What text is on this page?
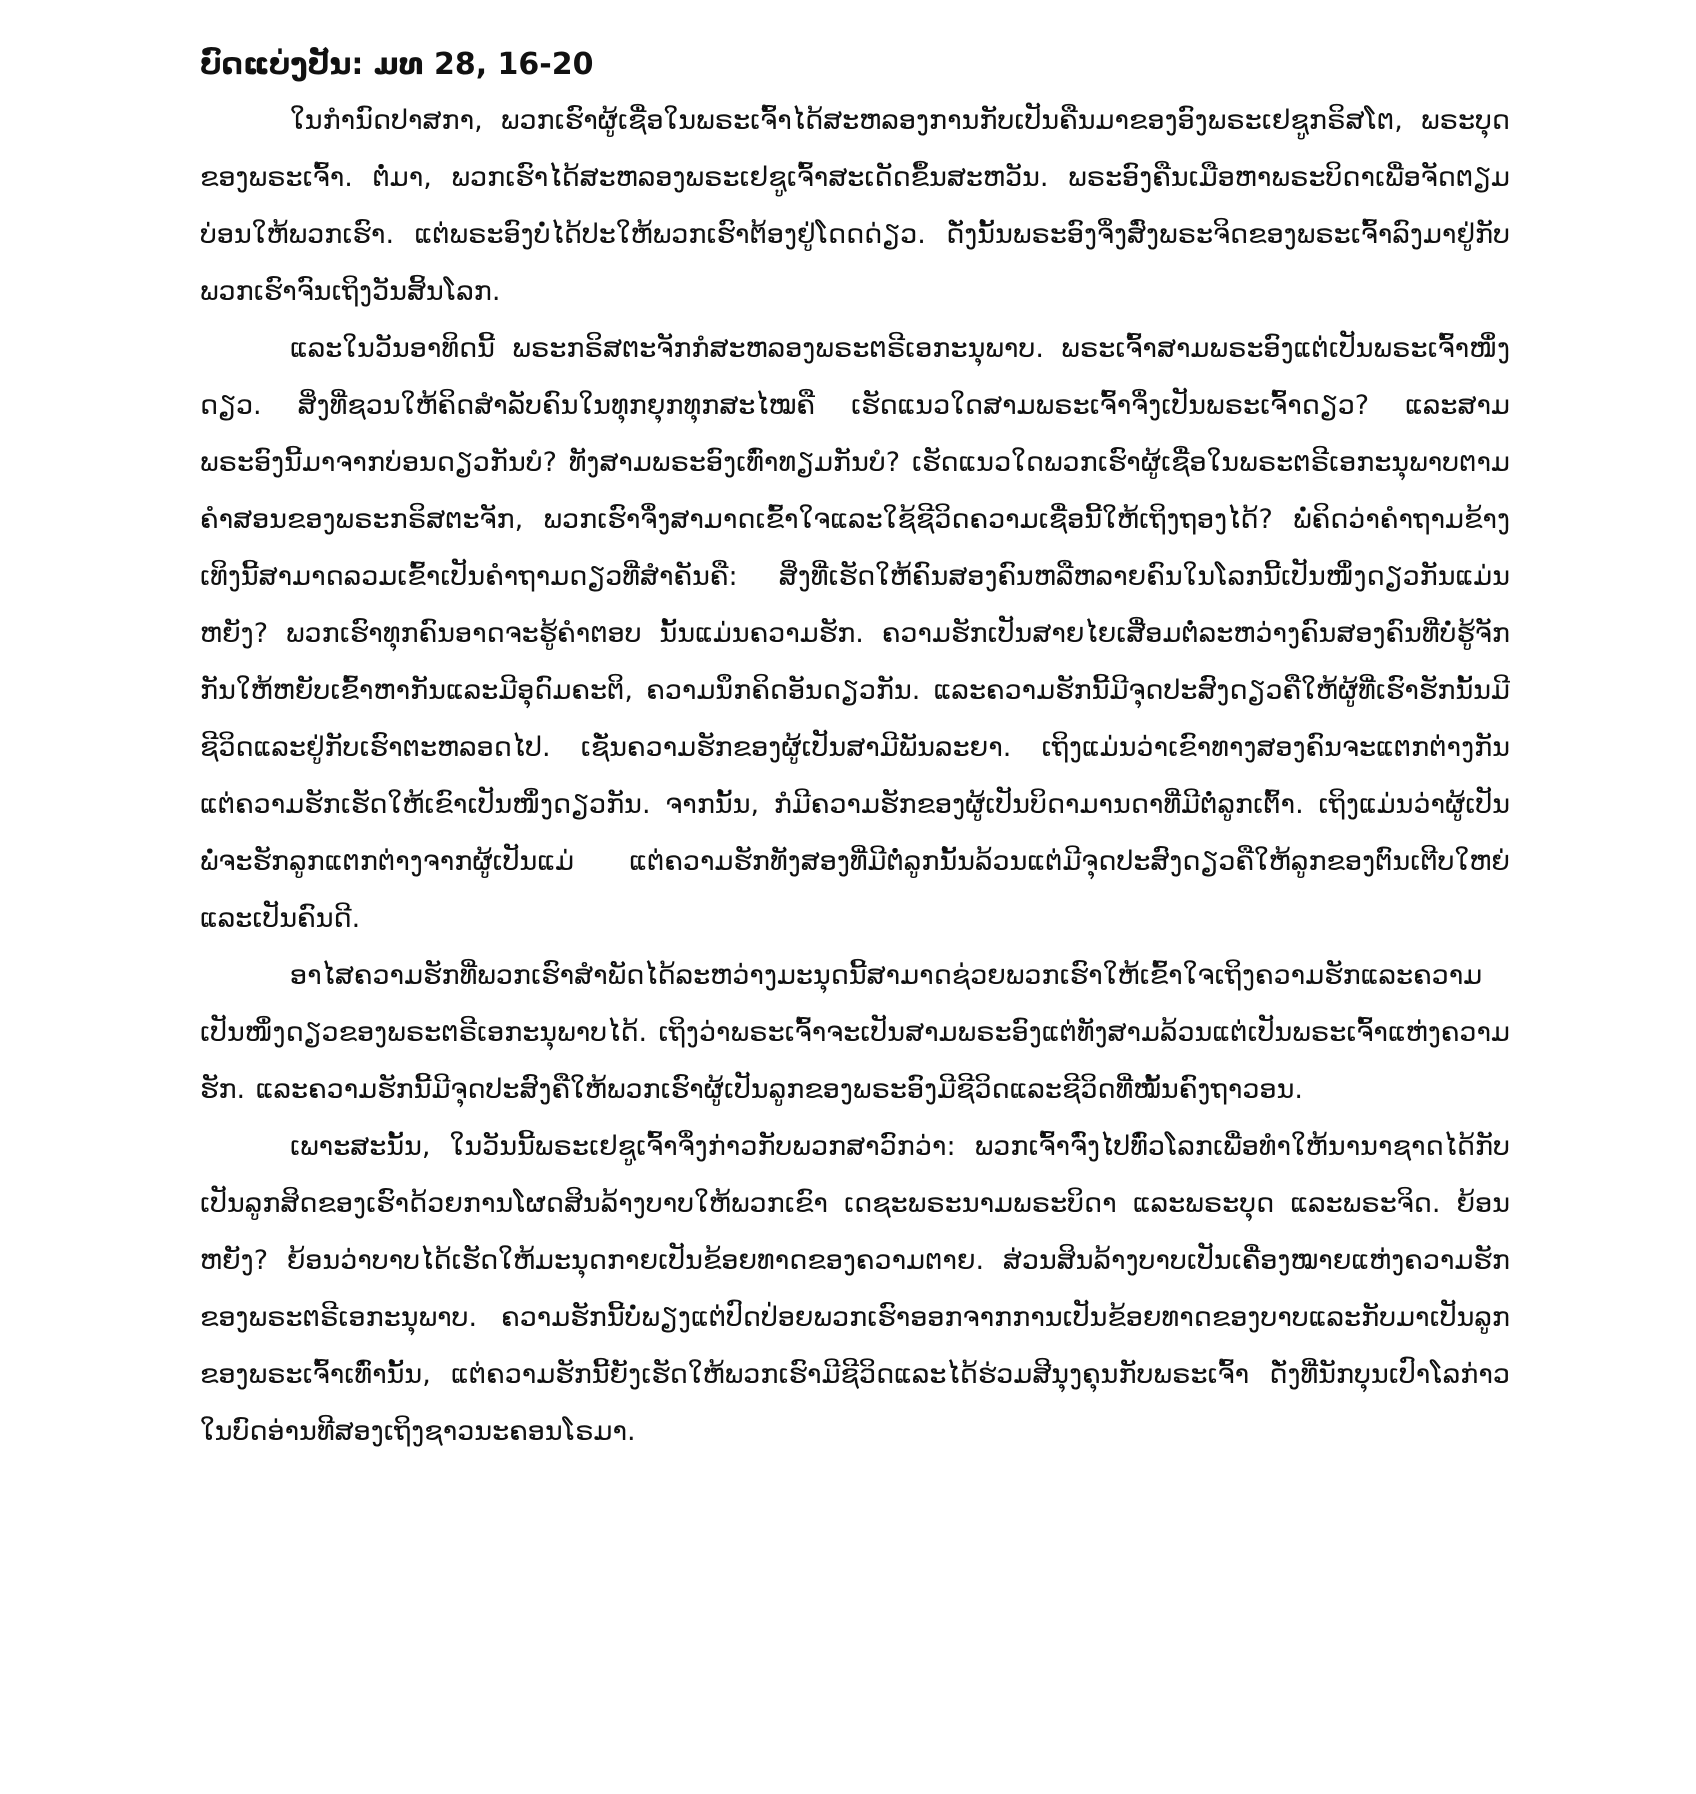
ບົດແບ່ງປັນ: ມທ 28, 16-20

ໃນກໍານົດປາສກາ, ພວກເຮົາຜູ້ເຊື່ອໃນພຣະເຈົ້າໄດ້ສະຫລອງການກັບເປັນຄືນມາຂອງອົງພຣະເຢຊູກຣິສໂຕ, ພຣະບຸດຂອງພຣະເຈົ້າ. ຕໍ່ມາ, ພວກເຮົາໄດ້ສະຫລອງພຣະເຢຊູເຈົ້າສະເດັດຂຶ້ນສະຫວັນ. ພຣະອົງຄືນເມືອຫາພຣະບິດາເພື່ອຈັດຕຽມບ່ອນໃຫ້ພວກເຮົາ. ແຕ່ພຣະອົງບໍ່ໄດ້ປະໃຫ້ພວກເຮົາຕ້ອງຢູ່ໂດດດ່ຽວ. ດັ່ງນັ້ນພຣະອົງຈຶ່ງສົ່ງພຣະຈິດຂອງພຣະເຈົ້າລົງມາຢູ່ກັບພວກເຮົາຈົນເຖິງວັນສິ້ນໂລກ.

ແລະໃນວັນອາທິດນີ້ ພຣະກຣິສຕະຈັກກໍສະຫລອງພຣະຕຣີເອກະນຸພາບ. ພຣະເຈົ້າສາມພຣະອົງແຕ່ເປັນພຣະເຈົ້າໜຶ່ງດຽວ. ສິ່ງທີ່ຊວນໃຫ້ຄິດສໍາລັບຄົນໃນທຸກຍຸກທຸກສະໄໝຄື ເຮັດແນວໃດສາມພຣະເຈົ້າຈຶ່ງເປັນພຣະເຈົ້າດຽວ? ແລະສາມພຣະອົງນີ້ມາຈາກບ່ອນດຽວກັນບໍ? ທັງສາມພຣະອົງເທົ່າທຽມກັນບໍ? ເຮັດແນວໃດພວກເຮົາຜູ້ເຊື່ອໃນພຣະຕຣີເອກະນຸພາບຕາມຄໍາສອນຂອງພຣະກຣິສຕະຈັກ, ພວກເຮົາຈຶ່ງສາມາດເຂົ້າໃຈແລະໃຊ້ຊີວິດຄວາມເຊື່ອນີ້ໃຫ້ເຖິງຖອງໄດ້? ພໍ່ຄິດວ່າຄໍາຖາມຂ້າງເທິງນີ້ສາມາດລວມເຂົ້າເປັນຄໍາຖາມດຽວທີ່ສໍາຄັນຄື: ສິ່ງທີ່ເຮັດໃຫ້ຄົນສອງຄົນຫລືຫລາຍຄົນໃນໂລກນີ້ເປັນໜຶ່ງດຽວກັນແມ່ນຫຍັງ? ພວກເຮົາທຸກຄົນອາດຈະຮູ້ຄໍາຕອບ ນັ້ນແມ່ນຄວາມຮັກ. ຄວາມຮັກເປັນສາຍໄຍເສື່ອມຕໍ່ລະຫວ່າງຄົນສອງຄົນທີ່ບໍ່ຮູ້ຈັກກັນໃຫ້ຫຍັບເຂົ້າຫາກັນແລະມີອຸດົມຄະຕິ, ຄວາມນຶກຄິດອັນດຽວກັນ. ແລະຄວາມຮັກນີ້ມີຈຸດປະສົງດຽວຄືໃຫ້ຜູ້ທີ່ເຮົາຮັກນັ້ນມີຊີວິດແລະຢູ່ກັບເຮົາຕະຫລອດໄປ. ເຊັ່ນຄວາມຮັກຂອງຜູ້ເປັນສາມີພັນລະຍາ. ເຖິງແມ່ນວ່າເຂົາທາງສອງຄົນຈະແຕກຕ່າງກັນ ແຕ່ຄວາມຮັກເຮັດໃຫ້ເຂົາເປັນໜຶ່ງດຽວກັນ. ຈາກນັ້ນ, ກໍມີຄວາມຮັກຂອງຜູ້ເປັນບິດາມານດາທີ່ມີຕໍ່ລູກເຕົ້າ. ເຖິງແມ່ນວ່າຜູ້ເປັນພໍ່ຈະຮັກລູກແຕກຕ່າງຈາກຜູ້ເປັນແມ່ ແຕ່ຄວາມຮັກທັງສອງທີ່ມີຕໍ່ລູກນັ້ນລ້ວນແຕ່ມີຈຸດປະສົງດຽວຄືໃຫ້ລູກຂອງຕົນເຕີບໃຫຍ່ແລະເປັນຄົນດີ.

ອາໄສຄວາມຮັກທີ່ພວກເຮົາສໍາພັດໄດ້ລະຫວ່າງມະນຸດນີ້ສາມາດຊ່ວຍພວກເຮົາໃຫ້ເຂົ້າໃຈເຖິງຄວາມຮັກແລະຄວາມເປັນໜຶ່ງດຽວຂອງພຣະຕຣີເອກະນຸພາບໄດ້. ເຖິງວ່າພຣະເຈົ້າຈະເປັນສາມພຣະອົງແຕ່ທັງສາມລ້ວນແຕ່ເປັນພຣະເຈົ້າແຫ່ງຄວາມຮັກ. ແລະຄວາມຮັກນີ້ມີຈຸດປະສົງຄືໃຫ້ພວກເຮົາຜູ້ເປັນລູກຂອງພຣະອົງມີຊີວິດແລະຊີວິດທີ່ໝັ້ນຄົງຖາວອນ.

ເພາະສະນັ້ນ, ໃນວັນນີ້ພຣະເຢຊູເຈົ້າຈຶ່ງກ່າວກັບພວກສາວົກວ່າ: ພວກເຈົ້າຈົ່ງໄປທົ່ວໂລກເພື່ອທໍາໃຫ້ນານາຊາດໄດ້ກັບເປັນລູກສິດຂອງເຮົາດ້ວຍການໂຜດສິນລ້າງບາບໃຫ້ພວກເຂົາ ເດຊະພຣະນາມພຣະບິດາ ແລະພຣະບຸດ ແລະພຣະຈິດ. ຍ້ອນຫຍັງ? ຍ້ອນວ່າບາບໄດ້ເຮັດໃຫ້ມະນຸດກາຍເປັນຂ້ອຍທາດຂອງຄວາມຕາຍ. ສ່ວນສິນລ້າງບາບເປັນເຄື່ອງໝາຍແຫ່ງຄວາມຮັກຂອງພຣະຕຣີເອກະນຸພາບ. ຄວາມຮັກນີ້ບໍ່ພຽງແຕ່ປົດປ່ອຍພວກເຮົາອອກຈາກການເປັນຂ້ອຍທາດຂອງບາບແລະກັບມາເປັນລູກຂອງພຣະເຈົ້າເທົ່ານັ້ນ, ແຕ່ຄວາມຮັກນີ້ຍັງເຮັດໃຫ້ພວກເຮົາມີຊີວິດແລະໄດ້ຮ່ວມສີນຸງຄຸນກັບພຣະເຈົ້າ ດັ່ງທີ່ນັກບຸນເປົາໂລກ່າວໃນບົດອ່ານທີສອງເຖິງຊາວນະຄອນໂຣມາ.
